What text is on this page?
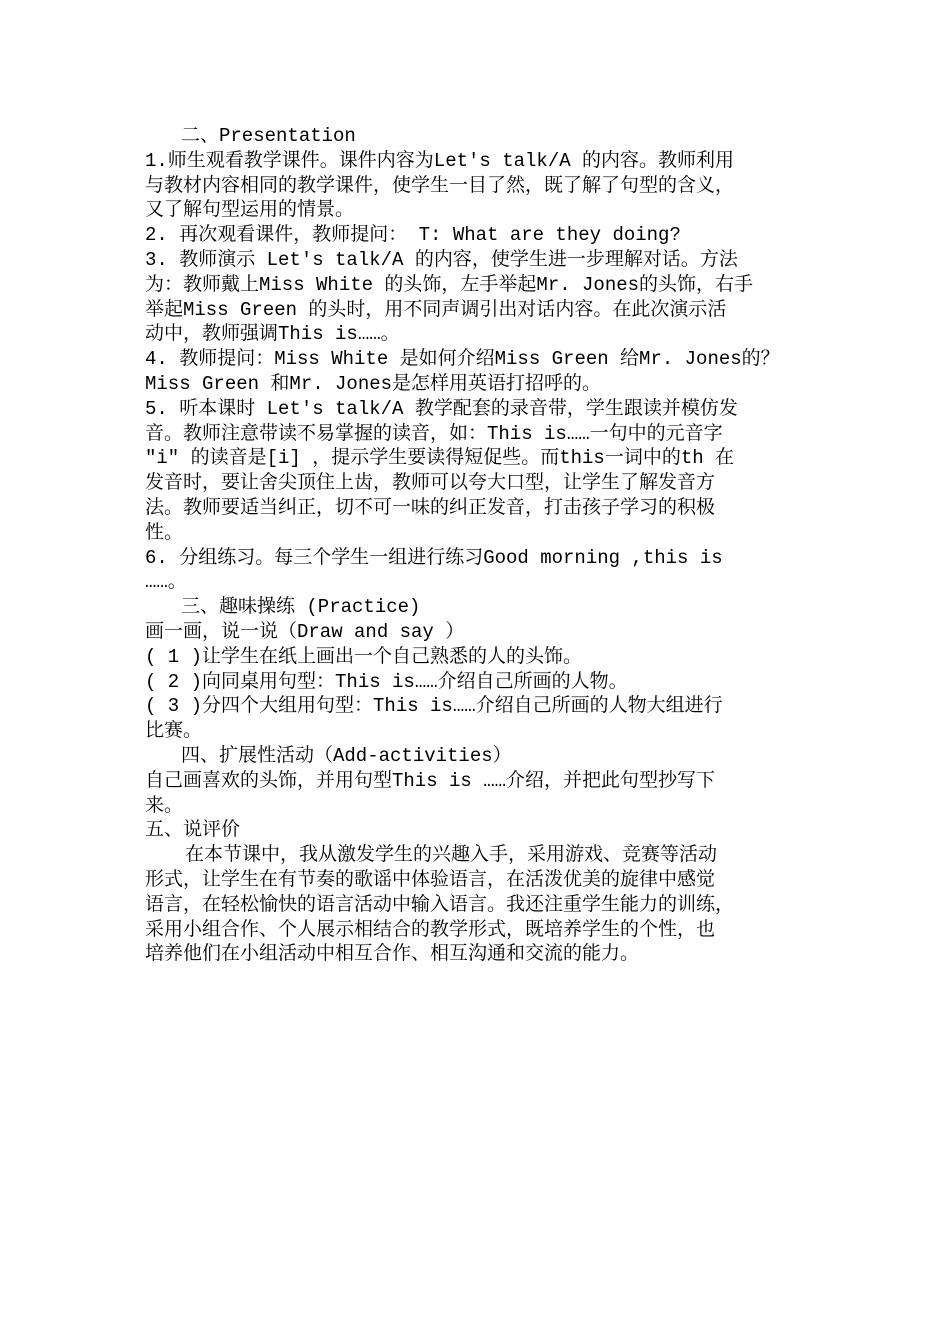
二、Presentation
1.师生观看教学课件。课件内容为Let's talk/A 的内容。教师利用
与教材内容相同的教学课件，使学生一目了然，既了解了句型的含义，
又了解句型运用的情景。
2. 再次观看课件，教师提问： T: What are they doing?
3. 教师演示 Let's talk/A 的内容，使学生进一步理解对话。方法
为：教师戴上Miss White 的头饰，左手举起Mr. Jones的头饰，右手
举起Miss Green 的头时，用不同声调引出对话内容。在此次演示活
动中，教师强调This is……。
4. 教师提问：Miss White 是如何介绍Miss Green 给Mr. Jones的？
Miss Green 和Mr. Jones是怎样用英语打招呼的。
5. 听本课时 Let's talk/A 教学配套的录音带，学生跟读并模仿发
音。教师注意带读不易掌握的读音，如：This is……一句中的元音字
"i" 的读音是[i] ，提示学生要读得短促些。而this一词中的th 在
发音时，要让舍尖顶住上齿，教师可以夸大口型，让学生了解发音方
法。教师要适当纠正，切不可一味的纠正发音，打击孩子学习的积极
性。
6. 分组练习。每三个学生一组进行练习Good morning ,this is
……。
三、趣味操练 (Practice)
画一画，说一说（Draw and say ）
( 1 )让学生在纸上画出一个自己熟悉的人的头饰。
( 2 )向同桌用句型：This is……介绍自己所画的人物。
( 3 )分四个大组用句型：This is……介绍自己所画的人物大组进行
比赛。
四、扩展性活动（Add-activities）
自己画喜欢的头饰，并用句型This is ……介绍，并把此句型抄写下
来。
五、说评价
在本节课中，我从激发学生的兴趣入手，采用游戏、竞赛等活动
形式，让学生在有节奏的歌谣中体验语言，在活泼优美的旋律中感觉
语言，在轻松愉快的语言活动中输入语言。我还注重学生能力的训练，
采用小组合作、个人展示相结合的教学形式，既培养学生的个性，也
培养他们在小组活动中相互合作、相互沟通和交流的能力。
